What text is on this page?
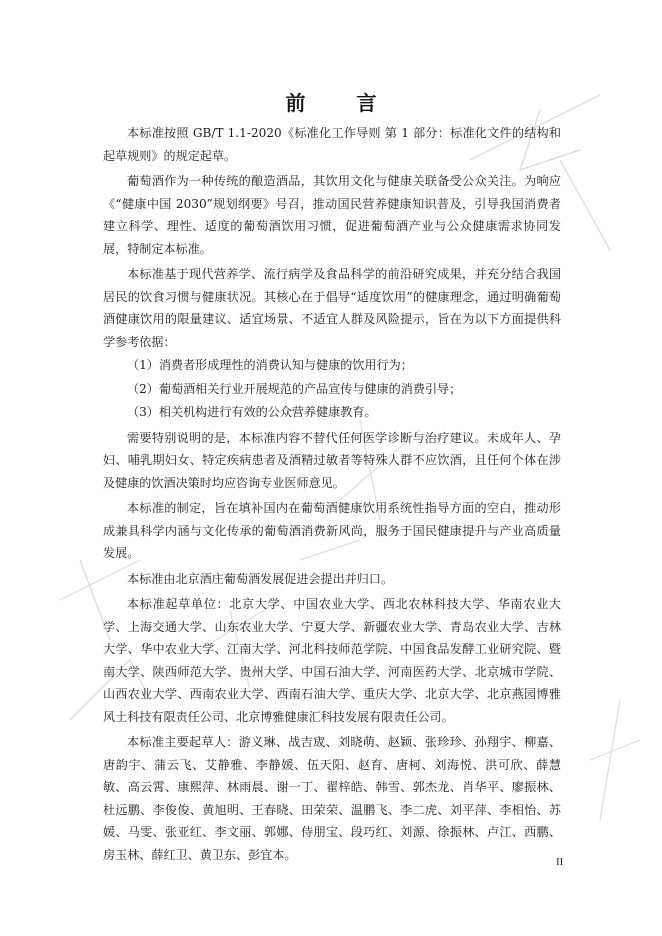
前 言

本标准按照 GB/T 1.1-2020《标准化工作导则 第 1 部分：标准化文件的结构和起草规则》的规定起草。

葡萄酒作为一种传统的酿造酒品，其饮用文化与健康关联备受公众关注。为响应《“健康中国 2030”规划纲要》号召，推动国民营养健康知识普及，引导我国消费者建立科学、理性、适度的葡萄酒饮用习惯，促进葡萄酒产业与公众健康需求协同发展，特制定本标准。

本标准基于现代营养学、流行病学及食品科学的前沿研究成果，并充分结合我国居民的饮食习惯与健康状况。其核心在于倡导“适度饮用”的健康理念，通过明确葡萄酒健康饮用的限量建议、适宜场景、不适宜人群及风险提示，旨在为以下方面提供科学参考依据：

（1）消费者形成理性的消费认知与健康的饮用行为；

（2）葡萄酒相关行业开展规范的产品宣传与健康的消费引导；

（3）相关机构进行有效的公众营养健康教育。

需要特别说明的是，本标准内容不替代任何医学诊断与治疗建议。未成年人、孕妇、哺乳期妇女、特定疾病患者及酒精过敏者等特殊人群不应饮酒，且任何个体在涉及健康的饮酒决策时均应咨询专业医师意见。

本标准的制定，旨在填补国内在葡萄酒健康饮用系统性指导方面的空白，推动形成兼具科学内涵与文化传承的葡萄酒消费新风尚，服务于国民健康提升与产业高质量发展。

本标准由北京酒庄葡萄酒发展促进会提出并归口。

本标准起草单位：北京大学、中国农业大学、西北农林科技大学、华南农业大学、上海交通大学、山东农业大学、宁夏大学、新疆农业大学、青岛农业大学、吉林大学、华中农业大学、江南大学、河北科技师范学院、中国食品发酵工业研究院、暨南大学、陕西师范大学、贵州大学、中国石油大学、河南医药大学、北京城市学院、山西农业大学、西南农业大学、西南石油大学、重庆大学、北京大学、北京燕园博雅风土科技有限责任公司、北京博雅健康汇科技发展有限责任公司。

本标准主要起草人：游义琳、战吉宬、刘晓萌、赵颖、张珍珍、孙翔宇、柳嘉、唐韵宇、蒲云飞、艾静雅、李静媛、伍天阳、赵育、唐柯、刘海悦、洪可欣、薛慧敏、高云霄、康熙萍、林雨晨、谢一丁、翟梓皓、韩雪、郭杰龙、肖华平、廖振林、杜远鹏、李俊俊、黄旭明、王春晓、田荣荣、温鹏飞、李二虎、刘平萍、李相怡、苏媛、马雯、张亚红、李文丽、郭娜、侍朋宝、段巧红、刘源、徐振林、卢江、西鹏、房玉林、薛红卫、黄卫东、彭宜本。

II
